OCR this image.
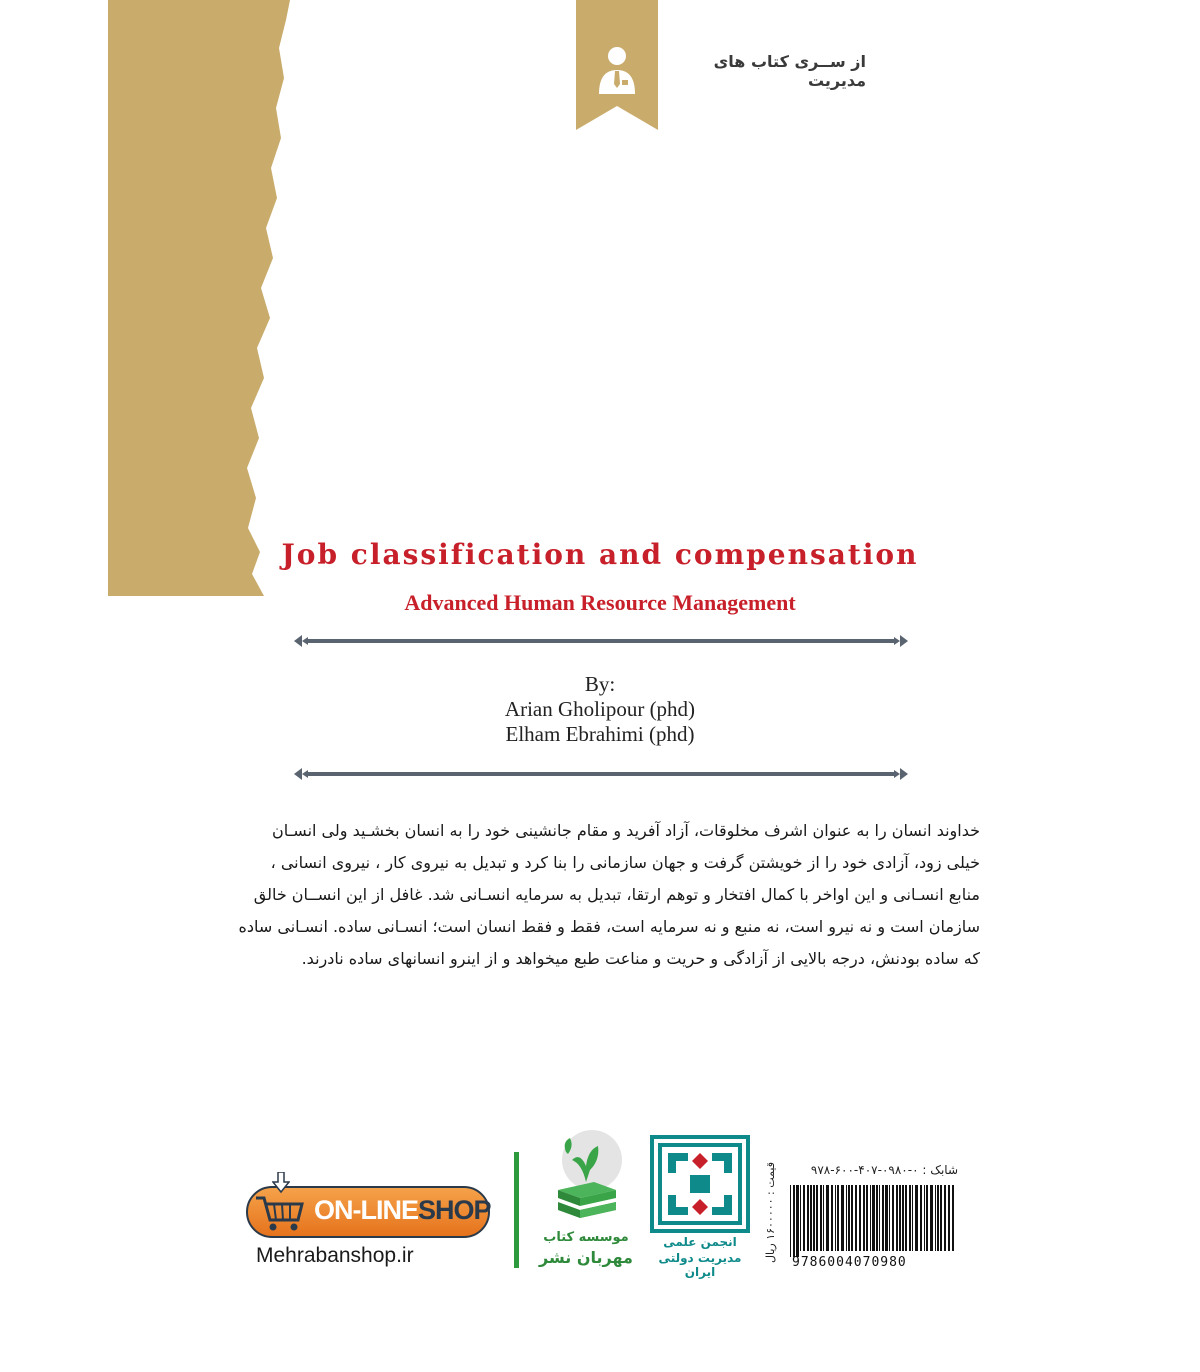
از ســری کتاب های مدیریت
Job classification and compensation
Advanced Human Resource Management
By:
Arian Gholipour (phd)
Elham Ebrahimi (phd)

خداوند انسان را به عنوان اشرف مخلوقات، آزاد آفرید و مقام جانشینی خود را به انسان بخشـید ولی انسـان

خیلی زود، آزادی خود را از خویشتن گرفت و جهان سازمانی را بنا کرد و تبدیل به نیروی کار ، نیروی انسانی ،

منابع انسـانی و این اواخر با کمال افتخار و توهم ارتقا، تبدیل به سرمایه انسـانی شد. غافل از این انســان خالق

سازمان است و نه نیرو است، نه منبع و نه سرمایه است، فقط و فقط انسان است؛ انسـانی ساده. انسـانی ساده

که ساده بودنش، درجه بالایی از آزادگی و حریت و مناعت طبع میخواهد و از اینرو انسانهای ساده نادرند.

ON-LINESHOP
Mehrabanshop.ir
موسسه کتاب
مهربان نشر
انجمن علمی
مدیریت دولتی ایران
قیمت : ۱۶۰۰۰۰۰ ریال	شابک : ۰-۰۹۸۰-۴۰۷-۶۰۰-۹۷۸
9786004070980
